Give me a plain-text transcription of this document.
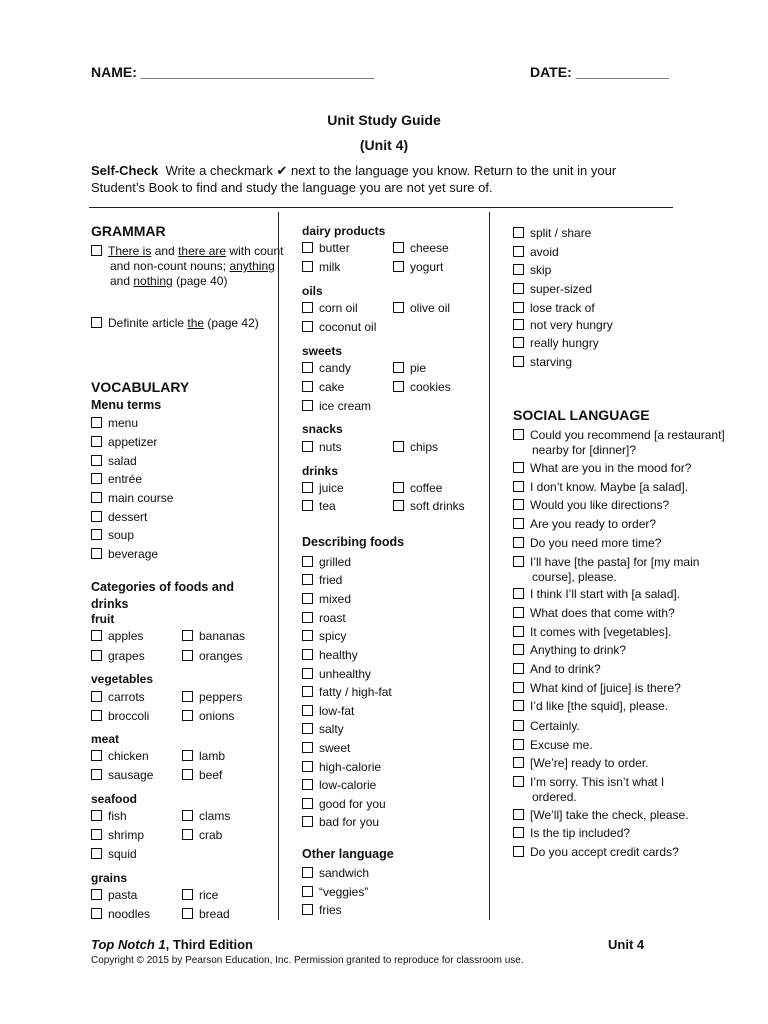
NAME: ______________________________	DATE: ____________
Unit Study Guide
(Unit 4)
Self-Check Write a checkmark ✔ next to the language you know. Return to the unit in your Student’s Book to find and study the language you are not yet sure of.
GRAMMAR
There is and there are with count and non-count nouns; anything and nothing (page 40)
Definite article the (page 42)
VOCABULARY
Menu terms
menu
appetizer
salad
entrée
main course
dessert
soup
beverage
Categories of foods and drinks
fruit
apples	bananas
grapes	oranges
vegetables
carrots	peppers
broccoli	onions
meat
chicken	lamb
sausage	beef
seafood
fish	clams
shrimp	crab
squid
grains
pasta	rice
noodles	bread
dairy products
butter	cheese
milk	yogurt
oils
corn oil	olive oil
coconut oil
sweets
candy	pie
cake	cookies
ice cream
snacks
nuts	chips
drinks
juice	coffee
tea	soft drinks
Describing foods
grilled
fried
mixed
roast
spicy
healthy
unhealthy
fatty / high-fat
low-fat
salty
sweet
high-calorie
low-calorie
good for you
bad for you
Other language
sandwich
“veggies”
fries
split / share
avoid
skip
super-sized
lose track of
not very hungry
really hungry
starving
SOCIAL LANGUAGE
Could you recommend [a restaurant] nearby for [dinner]?
What are you in the mood for?
I don’t know. Maybe [a salad].
Would you like directions?
Are you ready to order?
Do you need more time?
I’ll have [the pasta] for [my main course], please.
I think I’ll start with [a salad].
What does that come with?
It comes with [vegetables].
Anything to drink?
And to drink?
What kind of [juice] is there?
I’d like [the squid], please.
Certainly.
Excuse me.
[We’re] ready to order.
I’m sorry. This isn’t what I ordered.
[We’ll] take the check, please.
Is the tip included?
Do you accept credit cards?
Top Notch 1, Third Edition	Unit 4
Copyright © 2015 by Pearson Education, Inc. Permission granted to reproduce for classroom use.
